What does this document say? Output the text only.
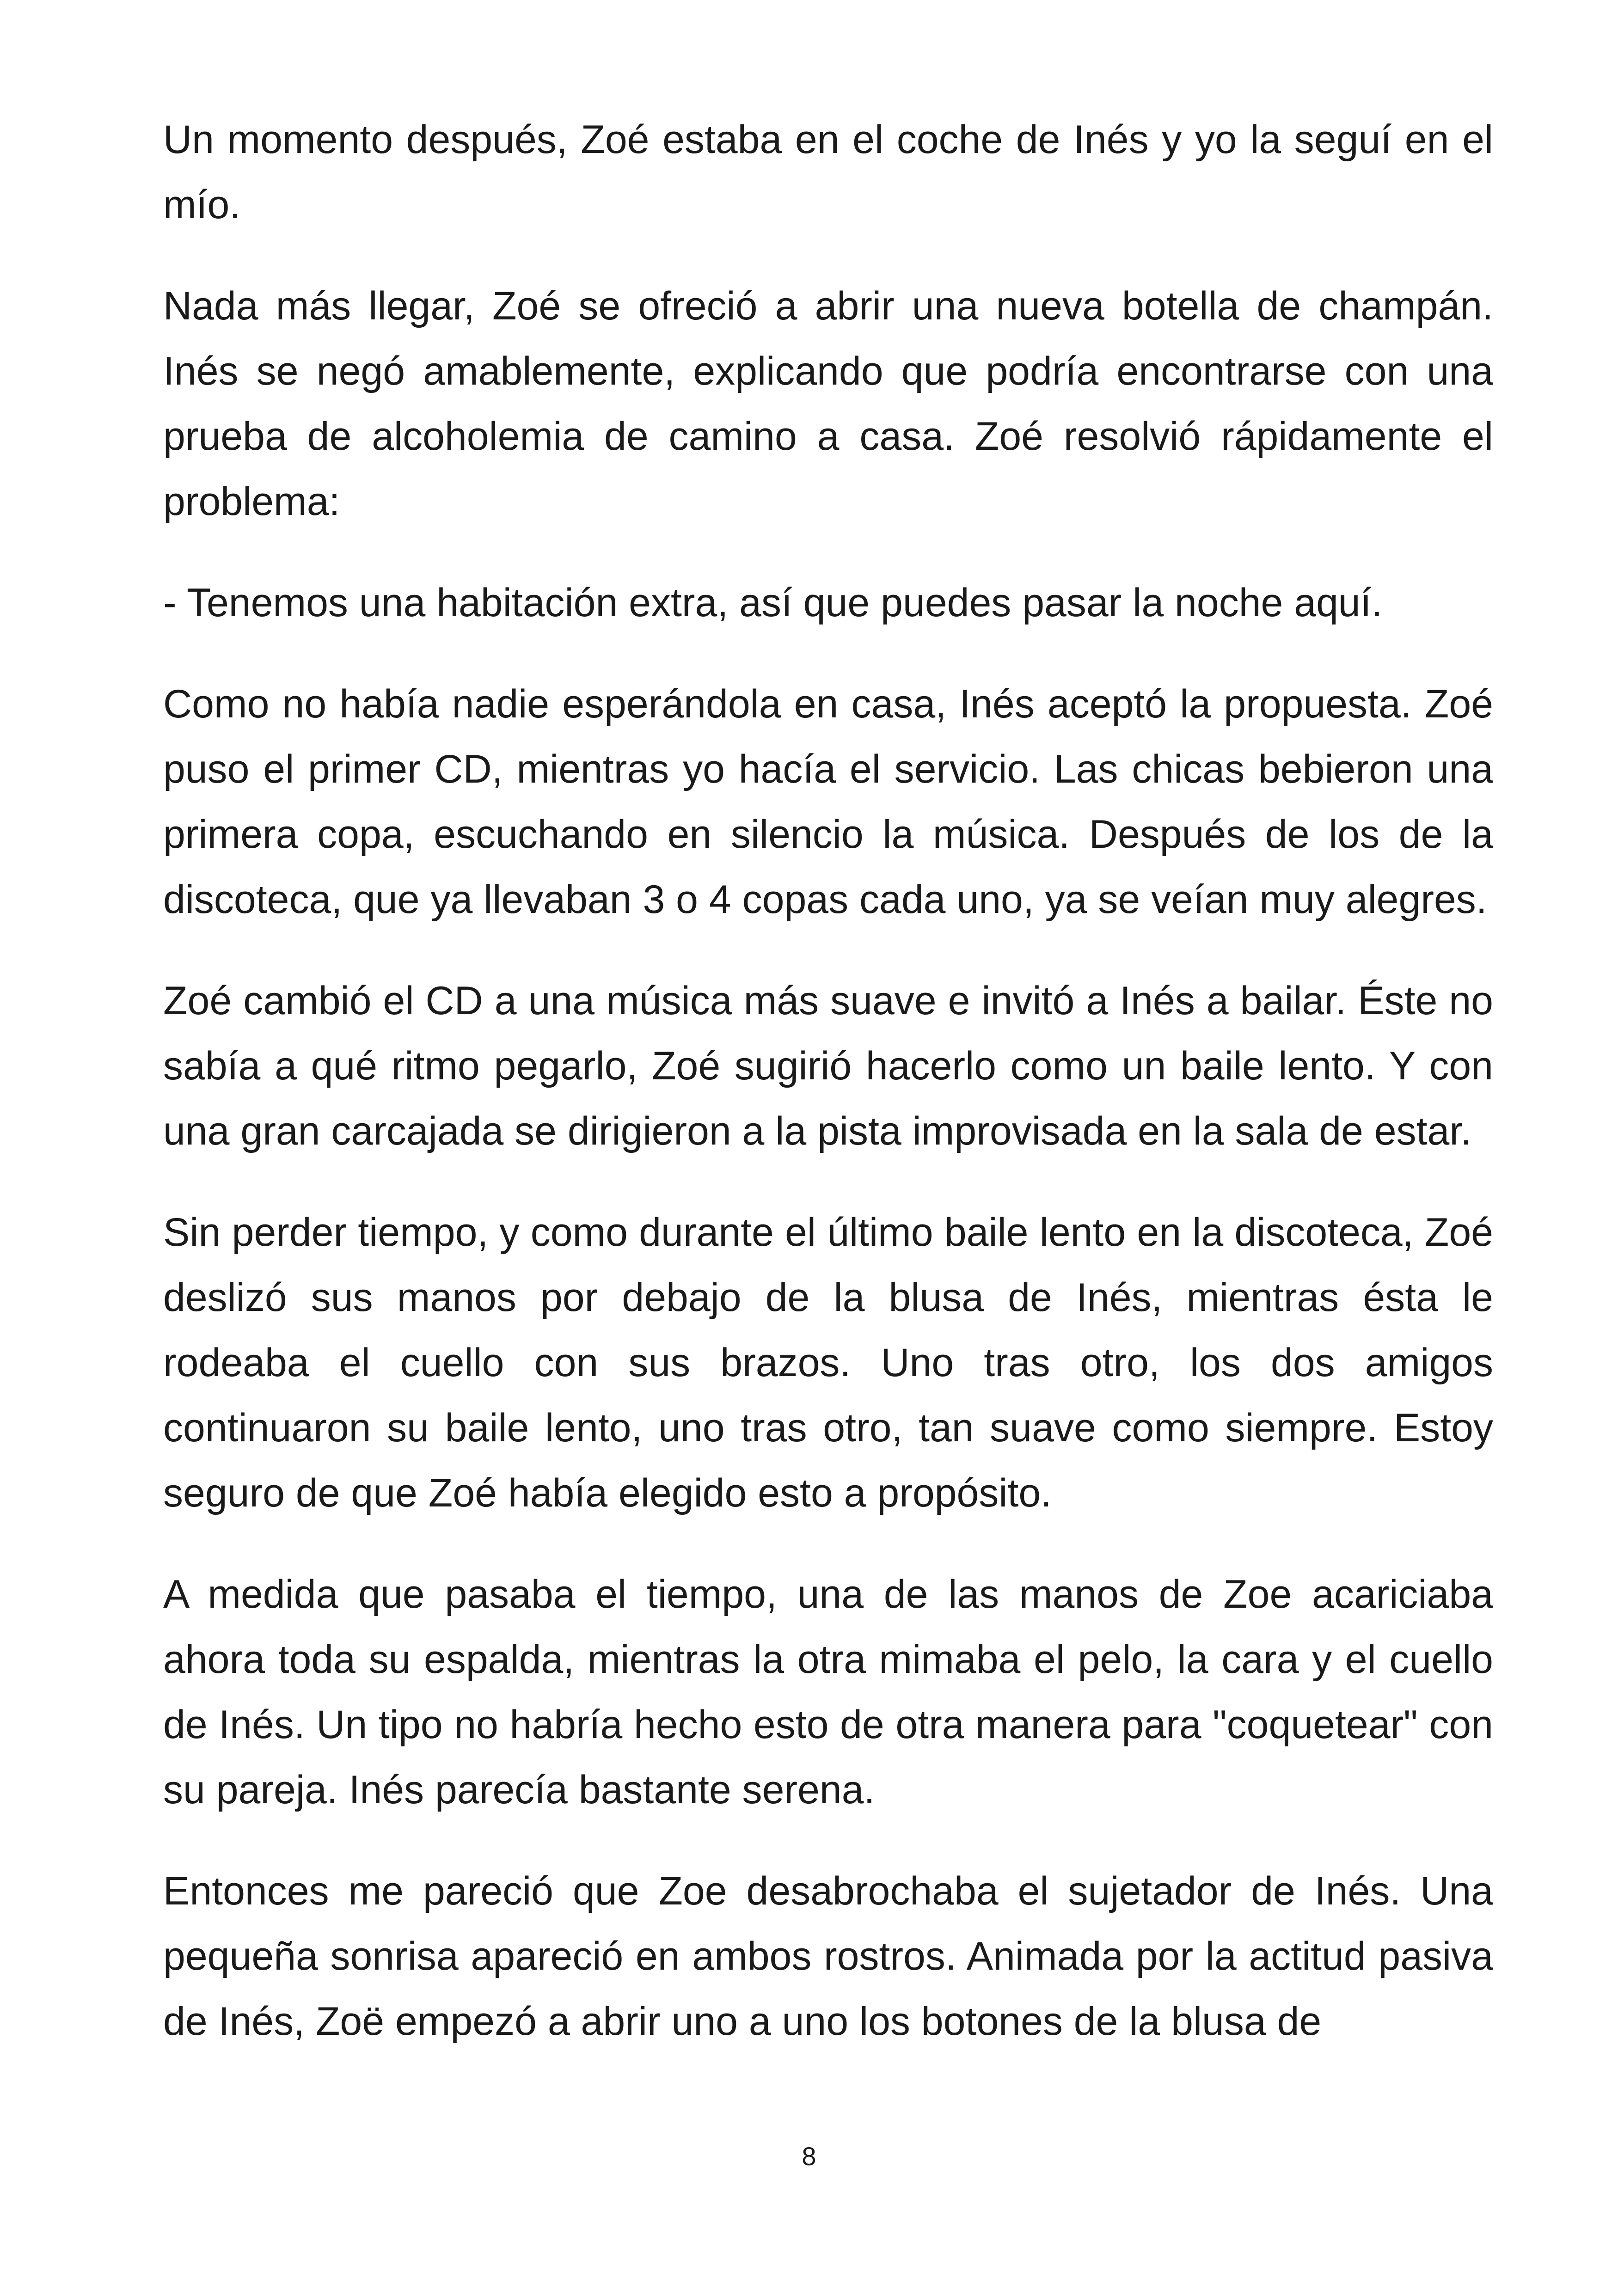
Un momento después, Zoé estaba en el coche de Inés y yo la seguí en el mío.

Nada más llegar, Zoé se ofreció a abrir una nueva botella de champán. Inés se negó amablemente, explicando que podría encontrarse con una prueba de alcoholemia de camino a casa. Zoé resolvió rápidamente el problema:

- Tenemos una habitación extra, así que puedes pasar la noche aquí.

Como no había nadie esperándola en casa, Inés aceptó la propuesta. Zoé puso el primer CD, mientras yo hacía el servicio. Las chicas bebieron una primera copa, escuchando en silencio la música. Después de los de la discoteca, que ya llevaban 3 o 4 copas cada uno, ya se veían muy alegres.

Zoé cambió el CD a una música más suave e invitó a Inés a bailar. Éste no sabía a qué ritmo pegarlo, Zoé sugirió hacerlo como un baile lento. Y con una gran carcajada se dirigieron a la pista improvisada en la sala de estar.

Sin perder tiempo, y como durante el último baile lento en la discoteca, Zoé deslizó sus manos por debajo de la blusa de Inés, mientras ésta le rodeaba el cuello con sus brazos. Uno tras otro, los dos amigos continuaron su baile lento, uno tras otro, tan suave como siempre. Estoy seguro de que Zoé había elegido esto a propósito.

A medida que pasaba el tiempo, una de las manos de Zoe acariciaba ahora toda su espalda, mientras la otra mimaba el pelo, la cara y el cuello de Inés. Un tipo no habría hecho esto de otra manera para "coquetear" con su pareja. Inés parecía bastante serena.

Entonces me pareció que Zoe desabrochaba el sujetador de Inés. Una pequeña sonrisa apareció en ambos rostros. Animada por la actitud pasiva de Inés, Zoë empezó a abrir uno a uno los botones de la blusa de

8
